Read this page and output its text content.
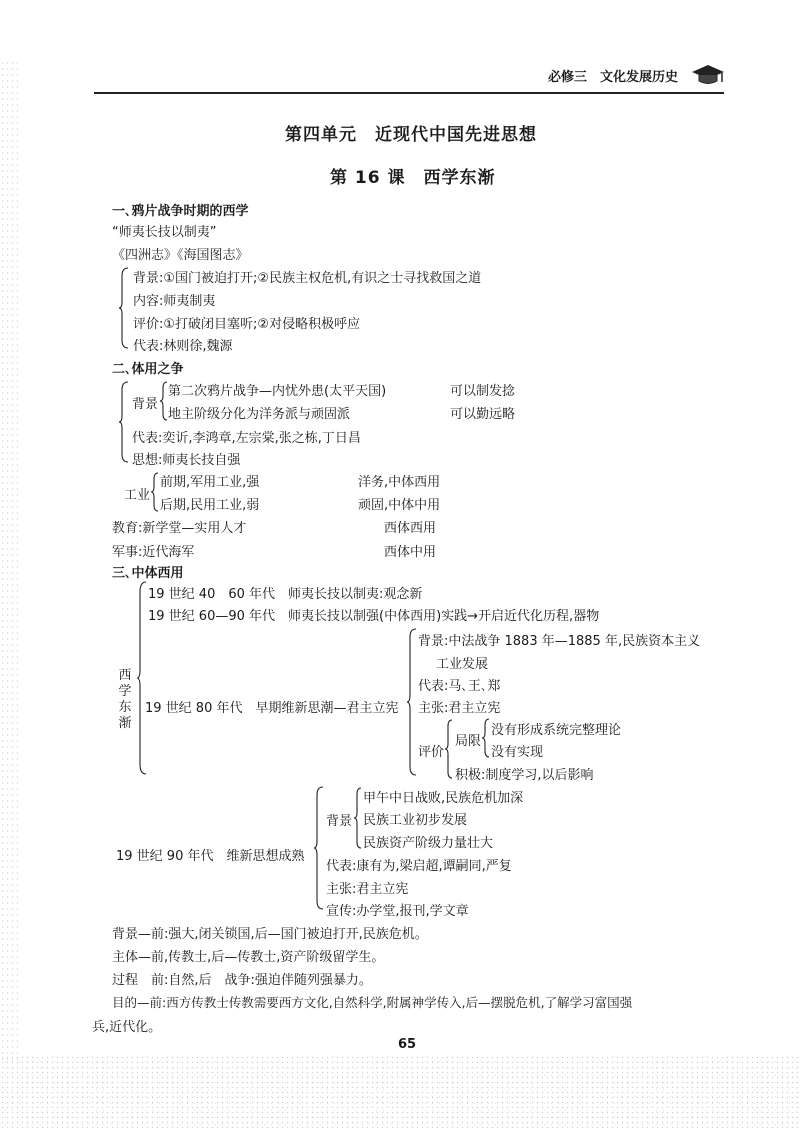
必修三　文化发展历史
第四单元　近现代中国先进思想
第 16 课　西学东渐
一､鸦片战争时期的西学
“师夷长技以制夷”
《四洲志》《海国图志》
背景:①国门被迫打开;②民族主权危机,有识之士寻找救国之道
内容:师夷制夷
评价:①打破闭目塞听;②对侵略积极呼应
代表:林则徐,魏源
二､体用之争
背景
第二次鸦片战争—内忧外患(太平天国)
地主阶级分化为洋务派与顽固派
可以制发捻
可以勤远略
代表:奕䜣,李鸿章,左宗棠,张之栋,丁日昌
思想:师夷长技自强
工业
前期,军用工业,强
后期,民用工业,弱
洋务,中体西用
顽固,中体中用
教育:新学堂—实用人才	西体西用
军事:近代海军	西体中用
三､中体西用
西学东渐
19 世纪 40　60 年代　师夷长技以制夷:观念新
19 世纪 60—90 年代　师夷长技以制强(中体西用)实践→开启近代化历程,器物
19 世纪 80 年代　早期维新思潮—君主立宪
背景:中法战争 1883 年—1885 年,民族资本主义
工业发展
代表:马､王､郑
主张:君主立宪
评价
局限
没有形成系统完整理论
没有实现
积极:制度学习,以后影响
19 世纪 90 年代　维新思想成熟
背景
甲午中日战败,民族危机加深
民族工业初步发展
民族资产阶级力量壮大
代表:康有为,梁启超,谭嗣同,严复
主张:君主立宪
宣传:办学堂,报刊,学文章
背景—前:强大,闭关锁国,后—国门被迫打开,民族危机｡
主体—前,传教士,后—传教士,资产阶级留学生｡
过程　前:自然,后　战争:强迫伴随列强暴力｡
目的—前:西方传教士传教需要西方文化,自然科学,附属神学传入,后—摆脱危机,了解学习富国强
兵,近代化｡
65
